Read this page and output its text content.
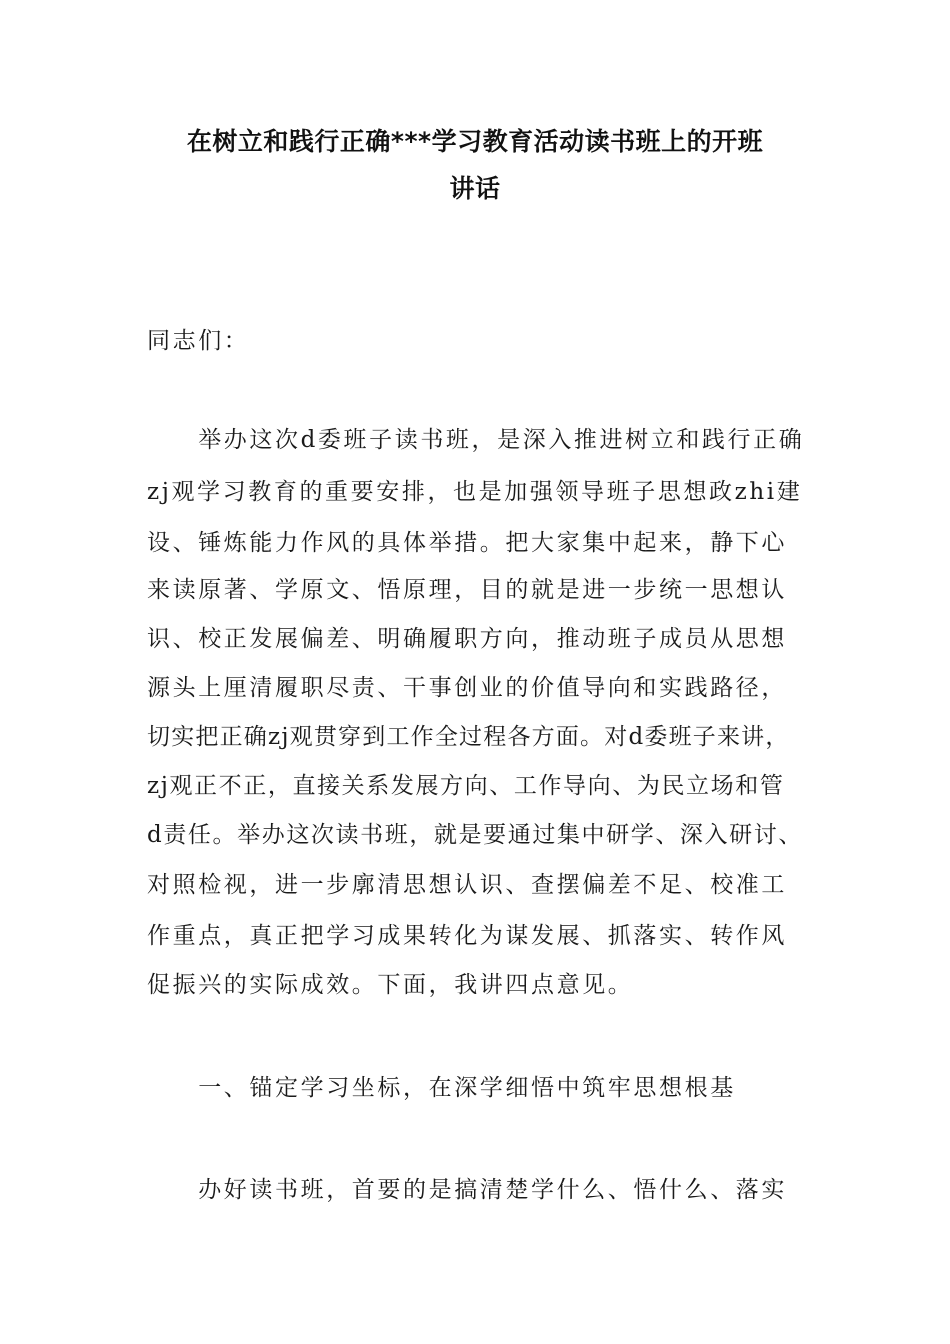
在树立和践行正确***学习教育活动读书班上的开班
讲话
同志们：
　　举办这次d委班子读书班，是深入推进树立和践行正确
zj观学习教育的重要安排，也是加强领导班子思想政zhi建
设、锤炼能力作风的具体举措。把大家集中起来，静下心
来读原著、学原文、悟原理，目的就是进一步统一思想认
识、校正发展偏差、明确履职方向，推动班子成员从思想
源头上厘清履职尽责、干事创业的价值导向和实践路径，
切实把正确zj观贯穿到工作全过程各方面。对d委班子来讲，
zj观正不正，直接关系发展方向、工作导向、为民立场和管
d责任。举办这次读书班，就是要通过集中研学、深入研讨、
对照检视，进一步廓清思想认识、查摆偏差不足、校准工
作重点，真正把学习成果转化为谋发展、抓落实、转作风
促振兴的实际成效。下面，我讲四点意见。
　　一、锚定学习坐标，在深学细悟中筑牢思想根基
　　办好读书班，首要的是搞清楚学什么、悟什么、落实
